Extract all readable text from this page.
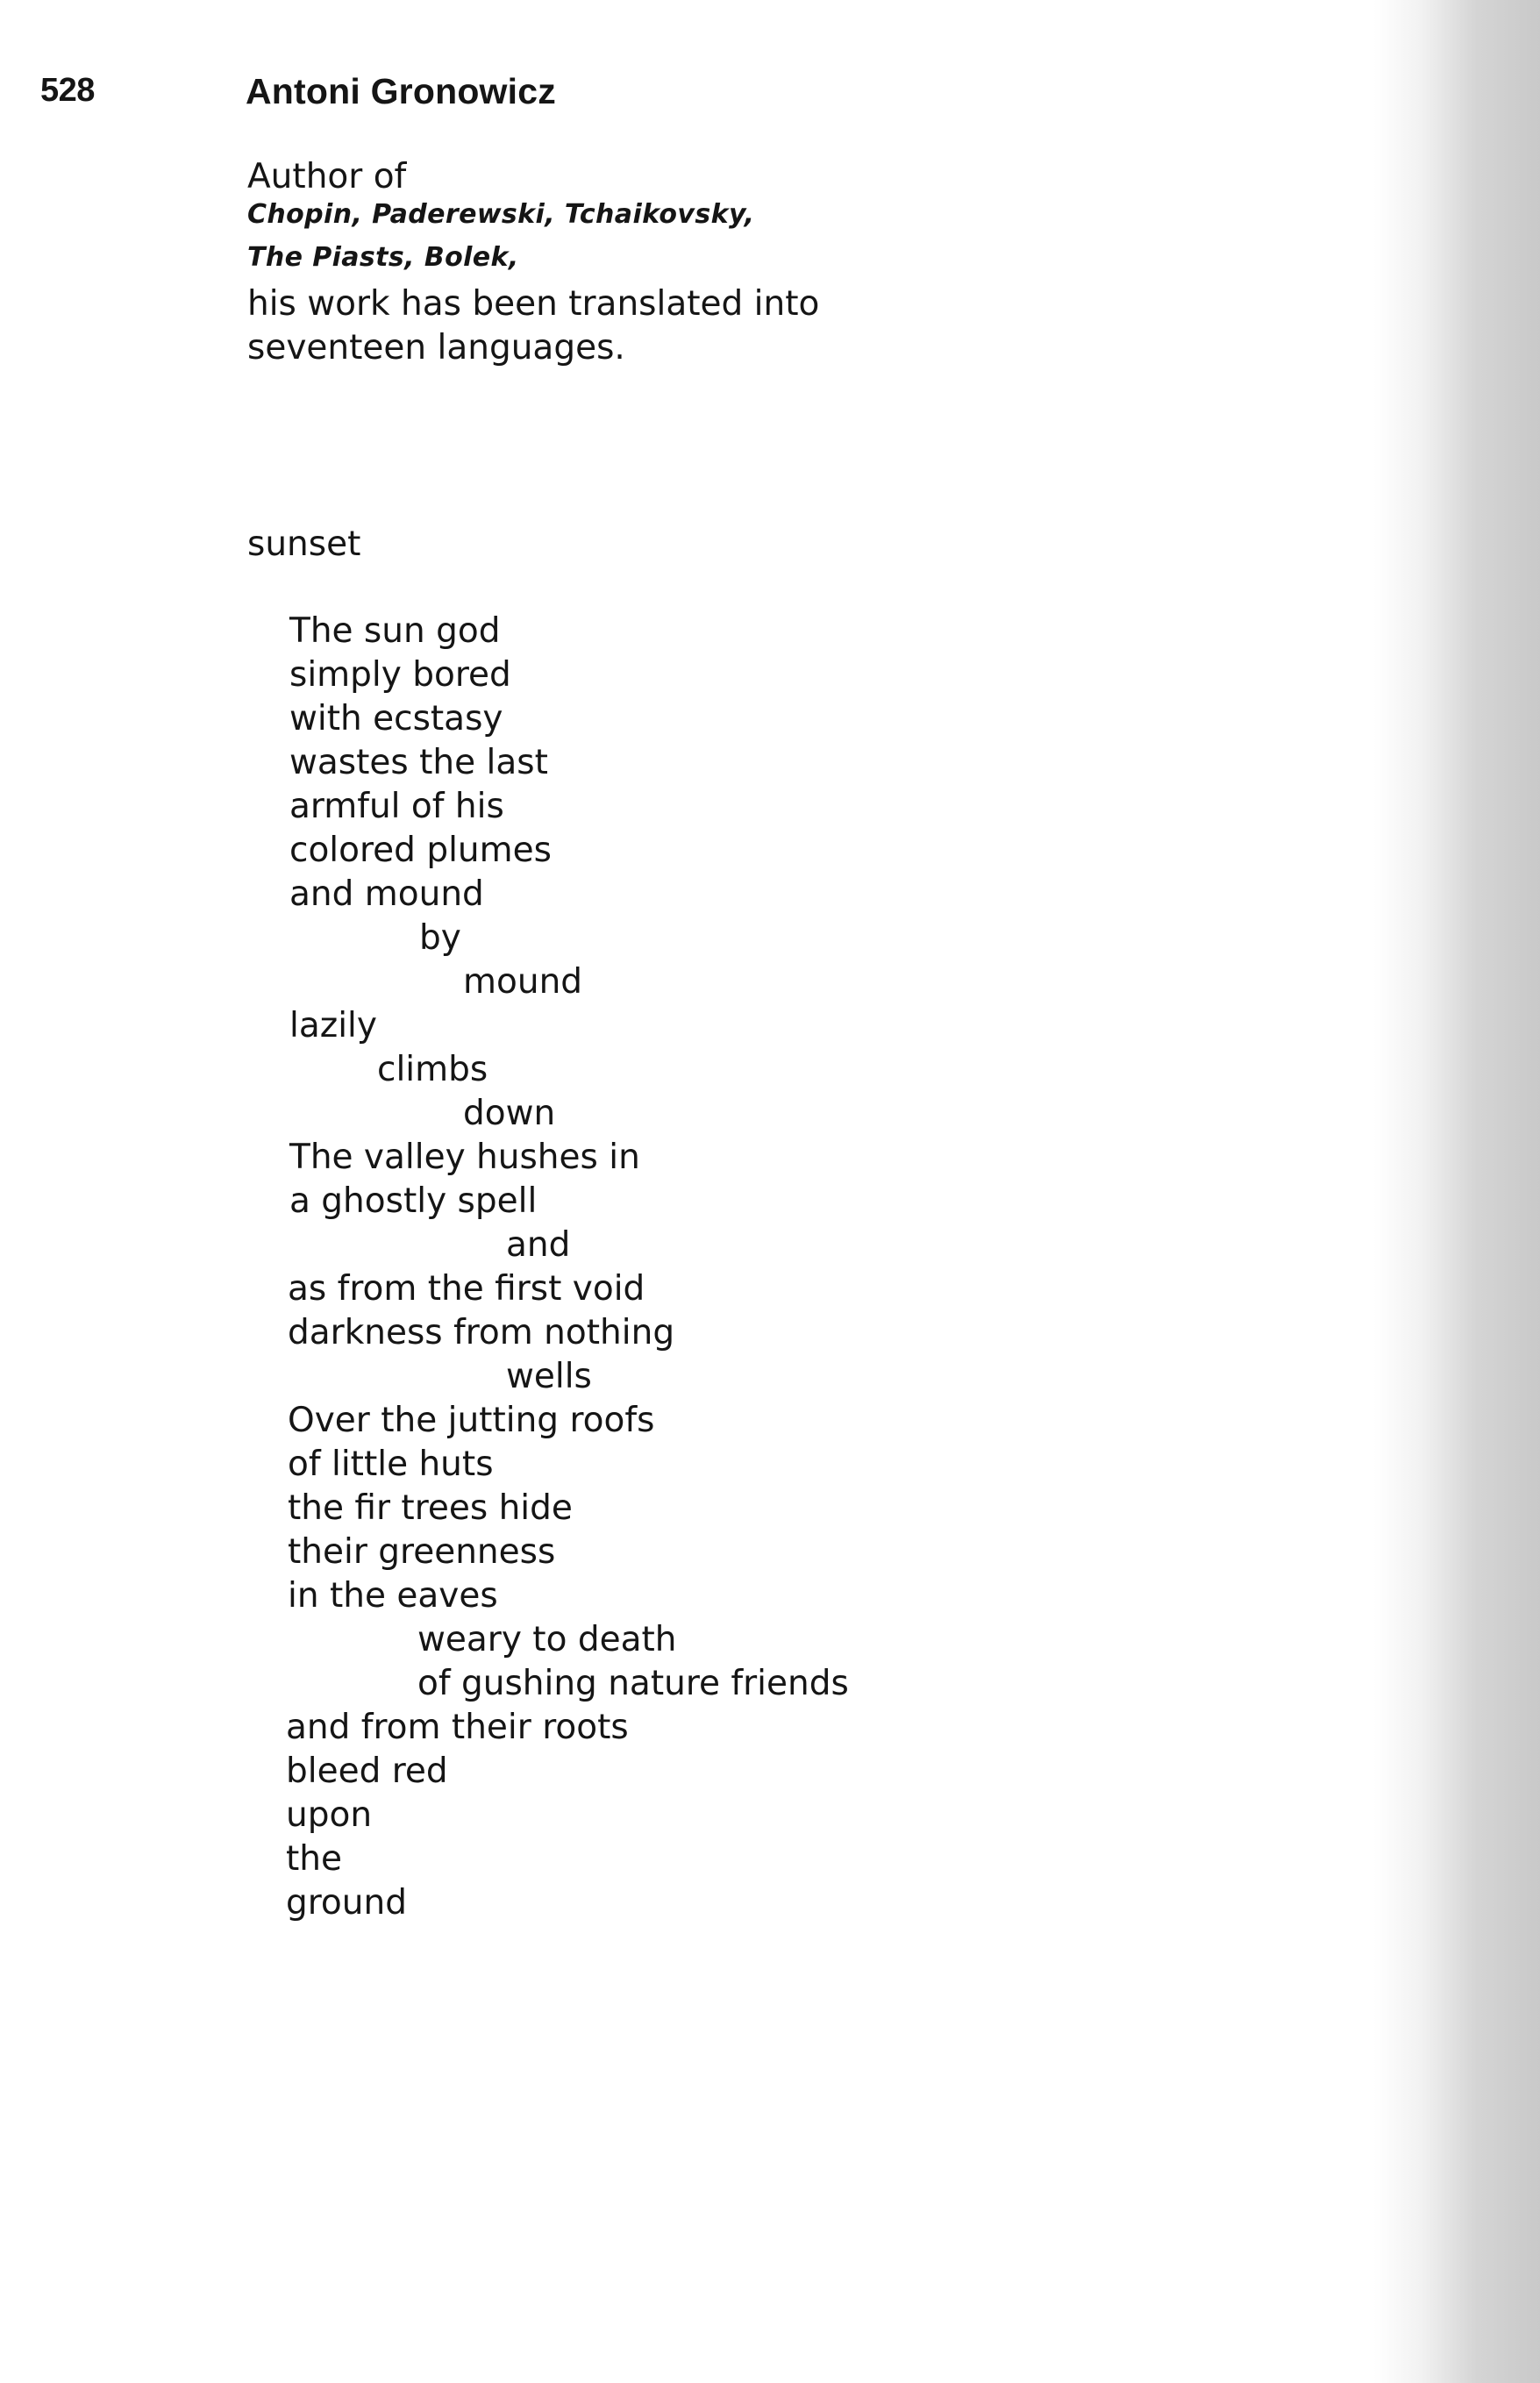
528	Antoni Gronowicz
Author of
Chopin, Paderewski, Tchaikovsky,
The Piasts, Bolek,
his work has been translated into
seventeen languages.
sunset
The sun god
simply bored
with ecstasy
wastes the last
armful of his
colored plumes
and mound
by
mound
lazily
climbs
down
The valley hushes in
a ghostly spell
and
as from the first void
darkness from nothing
wells
Over the jutting roofs
of little huts
the fir trees hide
their greenness
in the eaves
weary to death
of gushing nature friends
and from their roots
bleed red
upon
the
ground
